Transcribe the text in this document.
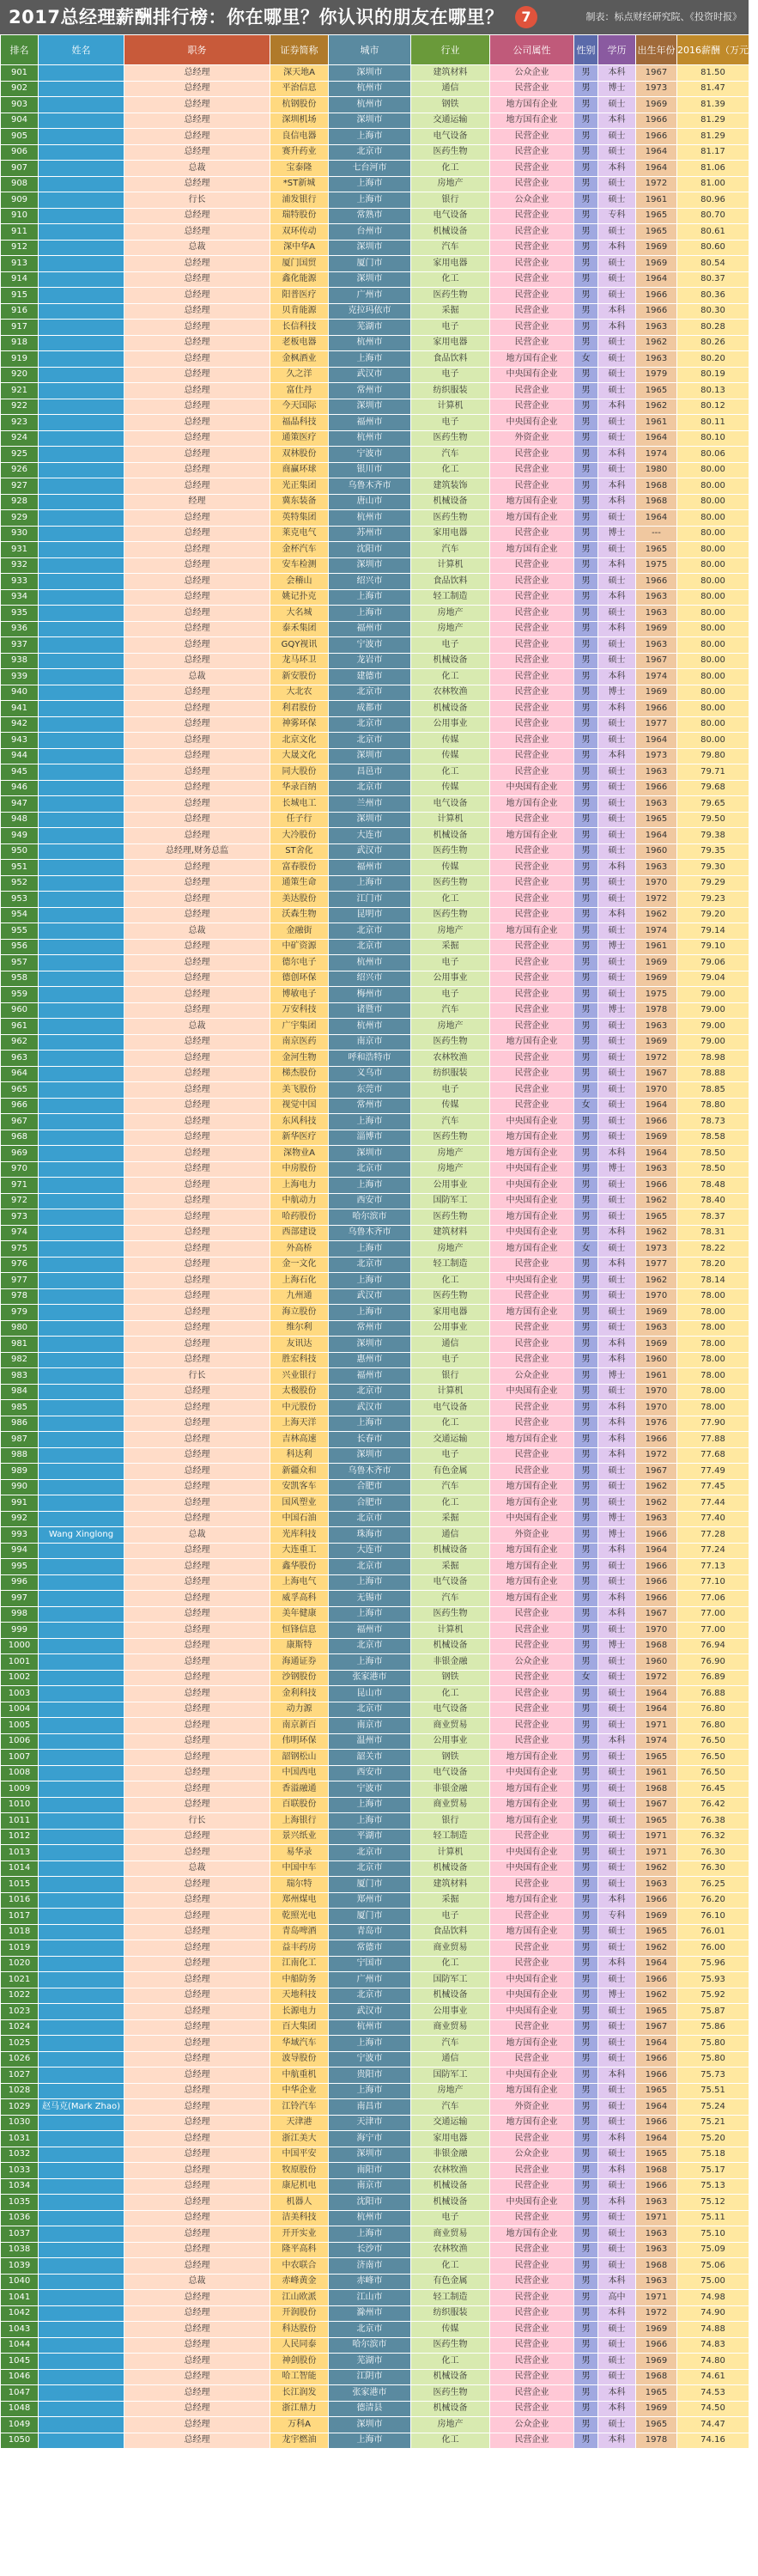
2017总经理薪酬排行榜：你在哪里？你认识的朋友在哪里？	7	制表：标点财经研究院、《投资时报》
排名	姓名	职务	证券简称	城市	行业	公司属性	性别	学历	出生年份	2016薪酬（万元）
901		总经理	深天地A	深圳市	建筑材料	公众企业	男	本科	1967	81.50
902		总经理	平治信息	杭州市	通信	民营企业	男	博士	1973	81.47
903		总经理	杭钢股份	杭州市	钢铁	地方国有企业	男	硕士	1969	81.39
904		总经理	深圳机场	深圳市	交通运输	地方国有企业	男	本科	1966	81.29
905		总经理	良信电器	上海市	电气设备	民营企业	男	硕士	1966	81.29
906		总经理	赛升药业	北京市	医药生物	民营企业	男	硕士	1964	81.17
907		总裁	宝泰隆	七台河市	化工	民营企业	男	本科	1964	81.06
908		总经理	*ST新城	上海市	房地产	民营企业	男	硕士	1972	81.00
909		行长	浦发银行	上海市	银行	公众企业	男	硕士	1961	80.96
910		总经理	瑞特股份	常熟市	电气设备	民营企业	男	专科	1965	80.70
911		总经理	双环传动	台州市	机械设备	民营企业	男	硕士	1965	80.61
912		总裁	深中华A	深圳市	汽车	民营企业	男	本科	1969	80.60
913		总经理	厦门国贸	厦门市	家用电器	民营企业	男	硕士	1969	80.54
914		总经理	鑫化能源	深圳市	化工	民营企业	男	硕士	1964	80.37
915		总经理	阳普医疗	广州市	医药生物	民营企业	男	硕士	1966	80.36
916		总经理	贝肯能源	克拉玛依市	采掘	民营企业	男	本科	1966	80.30
917		总经理	长信科技	芜湖市	电子	民营企业	男	本科	1963	80.28
918		总经理	老板电器	杭州市	家用电器	民营企业	男	硕士	1962	80.26
919		总经理	金枫酒业	上海市	食品饮料	地方国有企业	女	硕士	1963	80.20
920		总经理	久之洋	武汉市	电子	中央国有企业	男	硕士	1979	80.19
921		总经理	富仕丹	常州市	纺织服装	民营企业	男	硕士	1965	80.13
922		总经理	今天国际	深圳市	计算机	民营企业	男	本科	1962	80.12
923		总经理	福晶科技	福州市	电子	中央国有企业	男	硕士	1961	80.11
924		总经理	通策医疗	杭州市	医药生物	外资企业	男	硕士	1964	80.10
925		总经理	双林股份	宁波市	汽车	民营企业	男	本科	1974	80.06
926		总经理	商赢环球	银川市	化工	民营企业	男	硕士	1980	80.00
927		总经理	光正集团	乌鲁木齐市	建筑装饰	民营企业	男	本科	1968	80.00
928		经理	冀东装备	唐山市	机械设备	地方国有企业	男	本科	1968	80.00
929		总经理	英特集团	杭州市	医药生物	地方国有企业	男	硕士	1964	80.00
930		总经理	莱克电气	苏州市	家用电器	民营企业	男	博士	---	80.00
931		总经理	金杯汽车	沈阳市	汽车	地方国有企业	男	硕士	1965	80.00
932		总经理	安车检测	深圳市	计算机	民营企业	男	本科	1975	80.00
933		总经理	会稽山	绍兴市	食品饮料	民营企业	男	硕士	1966	80.00
934		总经理	姚记扑克	上海市	轻工制造	民营企业	男	本科	1963	80.00
935		总经理	大名城	上海市	房地产	民营企业	男	硕士	1963	80.00
936		总经理	泰禾集团	福州市	房地产	民营企业	男	本科	1969	80.00
937		总经理	GQY视讯	宁波市	电子	民营企业	男	硕士	1963	80.00
938		总经理	龙马环卫	龙岩市	机械设备	民营企业	男	硕士	1967	80.00
939		总裁	新安股份	建德市	化工	民营企业	男	本科	1974	80.00
940		总经理	大北农	北京市	农林牧渔	民营企业	男	博士	1969	80.00
941		总经理	利君股份	成都市	机械设备	民营企业	男	本科	1966	80.00
942		总经理	神雾环保	北京市	公用事业	民营企业	男	硕士	1977	80.00
943		总经理	北京文化	北京市	传媒	民营企业	男	硕士	1964	80.00
944		总经理	大晟文化	深圳市	传媒	民营企业	男	本科	1973	79.80
945		总经理	同大股份	昌邑市	化工	民营企业	男	硕士	1963	79.71
946		总经理	华录百纳	北京市	传媒	中央国有企业	男	硕士	1966	79.68
947		总经理	长城电工	兰州市	电气设备	地方国有企业	男	硕士	1963	79.65
948		总经理	任子行	深圳市	计算机	民营企业	男	硕士	1965	79.50
949		总经理	大冷股份	大连市	机械设备	地方国有企业	男	硕士	1964	79.38
950		总经理,财务总监	ST舍化	武汉市	医药生物	民营企业	男	硕士	1960	79.35
951		总经理	富春股份	福州市	传媒	民营企业	男	本科	1963	79.30
952		总经理	通策生命	上海市	医药生物	民营企业	男	硕士	1970	79.29
953		总经理	美达股份	江门市	化工	民营企业	男	硕士	1972	79.23
954		总经理	沃森生物	昆明市	医药生物	民营企业	男	本科	1962	79.20
955		总裁	金融街	北京市	房地产	地方国有企业	男	硕士	1974	79.14
956		总经理	中矿资源	北京市	采掘	民营企业	男	博士	1961	79.10
957		总经理	德尔电子	杭州市	电子	民营企业	男	硕士	1969	79.06
958		总经理	德创环保	绍兴市	公用事业	民营企业	男	硕士	1969	79.04
959		总经理	博敏电子	梅州市	电子	民营企业	男	硕士	1975	79.00
960		总经理	万安科技	诸暨市	汽车	民营企业	男	博士	1978	79.00
961		总裁	广宇集团	杭州市	房地产	民营企业	男	硕士	1963	79.00
962		总经理	南京医药	南京市	医药生物	地方国有企业	男	硕士	1969	79.00
963		总经理	金河生物	呼和浩特市	农林牧渔	民营企业	男	硕士	1972	78.98
964		总经理	梯杰股份	义乌市	纺织服装	民营企业	男	硕士	1967	78.88
965		总经理	美飞股份	东莞市	电子	民营企业	男	硕士	1970	78.85
966		总经理	视觉中国	常州市	传媒	民营企业	女	硕士	1964	78.80
967		总经理	东风科技	上海市	汽车	中央国有企业	男	硕士	1966	78.73
968		总经理	新华医疗	淄博市	医药生物	地方国有企业	男	硕士	1969	78.58
969		总经理	深物业A	深圳市	房地产	地方国有企业	男	本科	1964	78.50
970		总经理	中房股份	北京市	房地产	中央国有企业	男	博士	1963	78.50
971		总经理	上海电力	上海市	公用事业	中央国有企业	男	硕士	1966	78.48
972		总经理	中航动力	西安市	国防军工	中央国有企业	男	硕士	1962	78.40
973		总经理	哈药股份	哈尔滨市	医药生物	地方国有企业	男	硕士	1965	78.37
974		总经理	西部建设	乌鲁木齐市	建筑材料	中央国有企业	男	本科	1962	78.31
975		总经理	外高桥	上海市	房地产	地方国有企业	女	硕士	1973	78.22
976		总经理	金一文化	北京市	轻工制造	民营企业	男	本科	1977	78.20
977		总经理	上海石化	上海市	化工	中央国有企业	男	硕士	1962	78.14
978		总经理	九州通	武汉市	医药生物	民营企业	男	硕士	1970	78.00
979		总经理	海立股份	上海市	家用电器	地方国有企业	男	硕士	1969	78.00
980		总经理	维尔利	常州市	公用事业	民营企业	男	硕士	1963	78.00
981		总经理	友讯达	深圳市	通信	民营企业	男	本科	1969	78.00
982		总经理	胜宏科技	惠州市	电子	民营企业	男	本科	1960	78.00
983		行长	兴业银行	福州市	银行	公众企业	男	博士	1961	78.00
984		总经理	太极股份	北京市	计算机	中央国有企业	男	硕士	1970	78.00
985		总经理	中元股份	武汉市	电气设备	民营企业	男	本科	1970	78.00
986		总经理	上海天洋	上海市	化工	民营企业	男	本科	1976	77.90
987		总经理	吉林高速	长春市	交通运输	地方国有企业	男	本科	1966	77.88
988		总经理	科达利	深圳市	电子	民营企业	男	本科	1972	77.68
989		总经理	新疆众和	乌鲁木齐市	有色金属	民营企业	男	硕士	1967	77.49
990		总经理	安凯客车	合肥市	汽车	地方国有企业	男	硕士	1962	77.45
991		总经理	国风塑业	合肥市	化工	地方国有企业	男	硕士	1962	77.44
992		总经理	中国石油	北京市	采掘	中央国有企业	男	博士	1963	77.40
993	Wang Xinglong	总裁	光库科技	珠海市	通信	外资企业	男	博士	1966	77.28
994		总经理	大连重工	大连市	机械设备	地方国有企业	男	本科	1964	77.24
995		总经理	鑫华股份	北京市	采掘	地方国有企业	男	硕士	1966	77.13
996		总经理	上海电气	上海市	电气设备	地方国有企业	男	硕士	1966	77.10
997		总经理	威孚高科	无锡市	汽车	地方国有企业	男	本科	1966	77.06
998		总经理	美年健康	上海市	医药生物	民营企业	男	本科	1967	77.00
999		总经理	恒锋信息	福州市	计算机	民营企业	男	硕士	1970	77.00
1000		总经理	康斯特	北京市	机械设备	民营企业	男	博士	1968	76.94
1001		总经理	海通证券	上海市	非银金融	公众企业	男	硕士	1960	76.90
1002		总经理	沙钢股份	张家港市	钢铁	民营企业	女	硕士	1972	76.89
1003		总经理	金利科技	昆山市	化工	民营企业	男	硕士	1964	76.88
1004		总经理	动力源	北京市	电气设备	民营企业	男	硕士	1964	76.80
1005		总经理	南京新百	南京市	商业贸易	民营企业	男	硕士	1971	76.80
1006		总经理	伟明环保	温州市	公用事业	民营企业	男	本科	1974	76.50
1007		总经理	韶钢松山	韶关市	钢铁	地方国有企业	男	硕士	1965	76.50
1008		总经理	中国西电	西安市	电气设备	中央国有企业	男	硕士	1961	76.50
1009		总经理	香溢融通	宁波市	非银金融	地方国有企业	男	硕士	1968	76.45
1010		总经理	百联股份	上海市	商业贸易	地方国有企业	男	硕士	1967	76.42
1011		行长	上海银行	上海市	银行	地方国有企业	男	硕士	1965	76.38
1012		总经理	景兴纸业	平湖市	轻工制造	民营企业	男	硕士	1971	76.32
1013		总经理	易华录	北京市	计算机	中央国有企业	男	硕士	1971	76.30
1014		总裁	中国中车	北京市	机械设备	中央国有企业	男	硕士	1962	76.30
1015		总经理	瑞尔特	厦门市	建筑材料	民营企业	男	硕士	1963	76.25
1016		总经理	郑州煤电	郑州市	采掘	地方国有企业	男	本科	1966	76.20
1017		总经理	乾照光电	厦门市	电子	民营企业	男	专科	1969	76.10
1018		总经理	青岛啤酒	青岛市	食品饮料	地方国有企业	男	硕士	1965	76.01
1019		总经理	益丰药房	常德市	商业贸易	民营企业	男	硕士	1962	76.00
1020		总经理	江南化工	宁国市	化工	民营企业	男	本科	1964	75.96
1021		总经理	中船防务	广州市	国防军工	中央国有企业	男	硕士	1966	75.93
1022		总经理	天地科技	北京市	机械设备	中央国有企业	男	博士	1962	75.92
1023		总经理	长源电力	武汉市	公用事业	中央国有企业	男	硕士	1965	75.87
1024		总经理	百大集团	杭州市	商业贸易	民营企业	男	硕士	1967	75.86
1025		总经理	华域汽车	上海市	汽车	地方国有企业	男	硕士	1964	75.80
1026		总经理	波导股份	宁波市	通信	民营企业	男	硕士	1966	75.80
1027		总经理	中航重机	贵阳市	国防军工	中央国有企业	男	本科	1966	75.73
1028		总经理	中华企业	上海市	房地产	地方国有企业	男	硕士	1965	75.51
1029	赵马克(Mark Zhao)	总经理	江铃汽车	南昌市	汽车	外资企业	男	硕士	1964	75.24
1030		总经理	天津港	天津市	交通运输	地方国有企业	男	硕士	1966	75.21
1031		总经理	浙江美大	海宁市	家用电器	民营企业	男	本科	1964	75.20
1032		总经理	中国平安	深圳市	非银金融	公众企业	男	硕士	1965	75.18
1033		总经理	牧原股份	南阳市	农林牧渔	民营企业	男	本科	1968	75.17
1034		总经理	康尼机电	南京市	机械设备	民营企业	男	硕士	1966	75.13
1035		总经理	机器人	沈阳市	机械设备	中央国有企业	男	本科	1963	75.12
1036		总经理	洁美科技	杭州市	电子	民营企业	男	硕士	1971	75.11
1037		总经理	开开实业	上海市	商业贸易	地方国有企业	男	硕士	1963	75.10
1038		总经理	隆平高科	长沙市	农林牧渔	民营企业	男	硕士	1963	75.09
1039		总经理	中农联合	济南市	化工	民营企业	男	硕士	1968	75.06
1040		总裁	赤峰黄金	赤峰市	有色金属	民营企业	男	本科	1963	75.00
1041		总经理	江山欧派	江山市	轻工制造	民营企业	男	高中	1971	74.98
1042		总经理	开润股份	滁州市	纺织服装	民营企业	男	本科	1972	74.90
1043		总经理	科达股份	北京市	传媒	民营企业	男	硕士	1969	74.88
1044		总经理	人民同泰	哈尔滨市	医药生物	民营企业	男	硕士	1966	74.83
1045		总经理	神剑股份	芜湖市	化工	民营企业	男	硕士	1969	74.80
1046		总经理	哈工智能	江阴市	机械设备	民营企业	男	硕士	1968	74.61
1047		总经理	长江润发	张家港市	医药生物	民营企业	男	本科	1965	74.53
1048		总经理	浙江鼎力	德清县	机械设备	民营企业	男	本科	1969	74.50
1049		总经理	万科A	深圳市	房地产	公众企业	男	硕士	1965	74.47
1050		总经理	龙宇燃油	上海市	化工	民营企业	男	本科	1978	74.16
